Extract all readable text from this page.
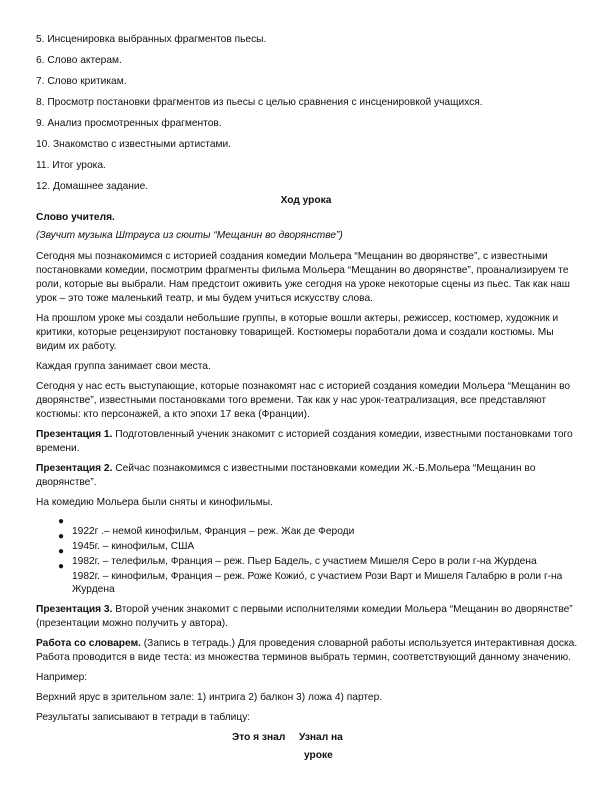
5. Инсценировка выбранных фрагментов пьесы.

6. Слово актерам.

7. Слово критикам.

8. Просмотр постановки фрагментов из пьесы с целью сравнения с инсценировкой учащихся.

9. Анализ просмотренных фрагментов.

10. Знакомство с известными артистами.

11. Итог урока.

12. Домашнее задание.

Ход урока

Слово учителя.

(Звучит музыка Штрауса из сюиты “Мещанин во дворянстве”)

Сегодня мы познакомимся с историей создания комедии Мольера “Мещанин во дворянстве”, с известными

постановками комедии, посмотрим фрагменты фильма Мольера “Мещанин во дворянстве”, проанализируем те

роли, которые вы выбрали. Нам предстоит оживить уже сегодня на уроке некоторые сцены из пьес. Так как наш

урок – это тоже маленький театр, и мы будем учиться искусству слова.

На прошлом уроке мы создали небольшие группы, в которые вошли актеры, режиссер, костюмер, художник и

критики, которые рецензируют постановку товарищей. Костюмеры поработали дома и создали костюмы. Мы

видим их работу.

Каждая группа занимает свои места.

Сегодня у нас есть выступающие, которые познакомят нас с историей создания комедии Мольера “Мещанин во

дворянстве”, известными постановками того времени. Так как у нас урок-театрализация, все представляют

костюмы: кто персонажей, а кто эпохи 17 века (Франции).

Презентация 1. Подготовленный ученик знакомит с историей создания комедии, известными постановками того

времени.

Презентация 2. Сейчас познакомимся с известными постановками комедии Ж.-Б.Мольера “Мещанин во

дворянстве”.

На комедию Мольера были сняты и кинофильмы.

●

1922г .– немой кинофильм, Франция – реж. Жак де Фероди

●

1945г. – кинофильм, США

●

1982г. – телефильм, Франция – реж. Пьер Бадель, с участием Мишеля Серо в роли г-на Журдена

●

1982г. – кинофильм, Франция – реж. Роже Кожио́, с участием Рози Варт и Мишеля Галабрю в роли г-на

Журдена

Презентация 3. Второй ученик знакомит с первыми исполнителями комедии Мольера “Мещанин во дворянстве”

(презентации можно получить у автора).

Работа со словарем. (Запись в тетрадь.) Для проведения словарной работы используется интерактивная доска.

Работа проводится в виде теста: из множества терминов выбрать термин, соответствующий данному значению.

Например:

Верхний ярус в зрительном зале: 1) интрига 2) балкон 3) ложа 4) партер.

Результаты записывают в тетради в таблицу:

Это я знал Узнал на

уроке
